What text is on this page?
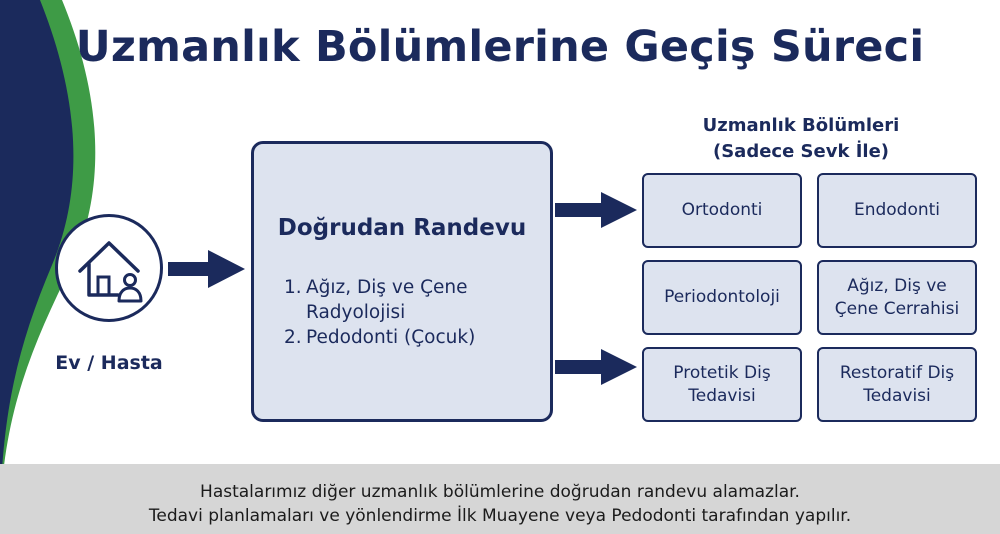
Uzmanlık Bölümlerine Geçiş Süreci
Ev / Hasta
Doğrudan Randevu
1. Ağız, Diş ve Çene
Radyolojisi
2. Pedodonti (Çocuk)
Uzmanlık Bölümleri
(Sadece Sevk İle)
Ortodonti	Endodonti
Periodontoloji
Ağız, Diş ve
Çene Cerrahisi
Protetik Diş
Tedavisi
Restoratif Diş
Tedavisi
Hastalarımız diğer uzmanlık bölümlerine doğrudan randevu alamazlar.
Tedavi planlamaları ve yönlendirme İlk Muayene veya Pedodonti tarafından yapılır.
